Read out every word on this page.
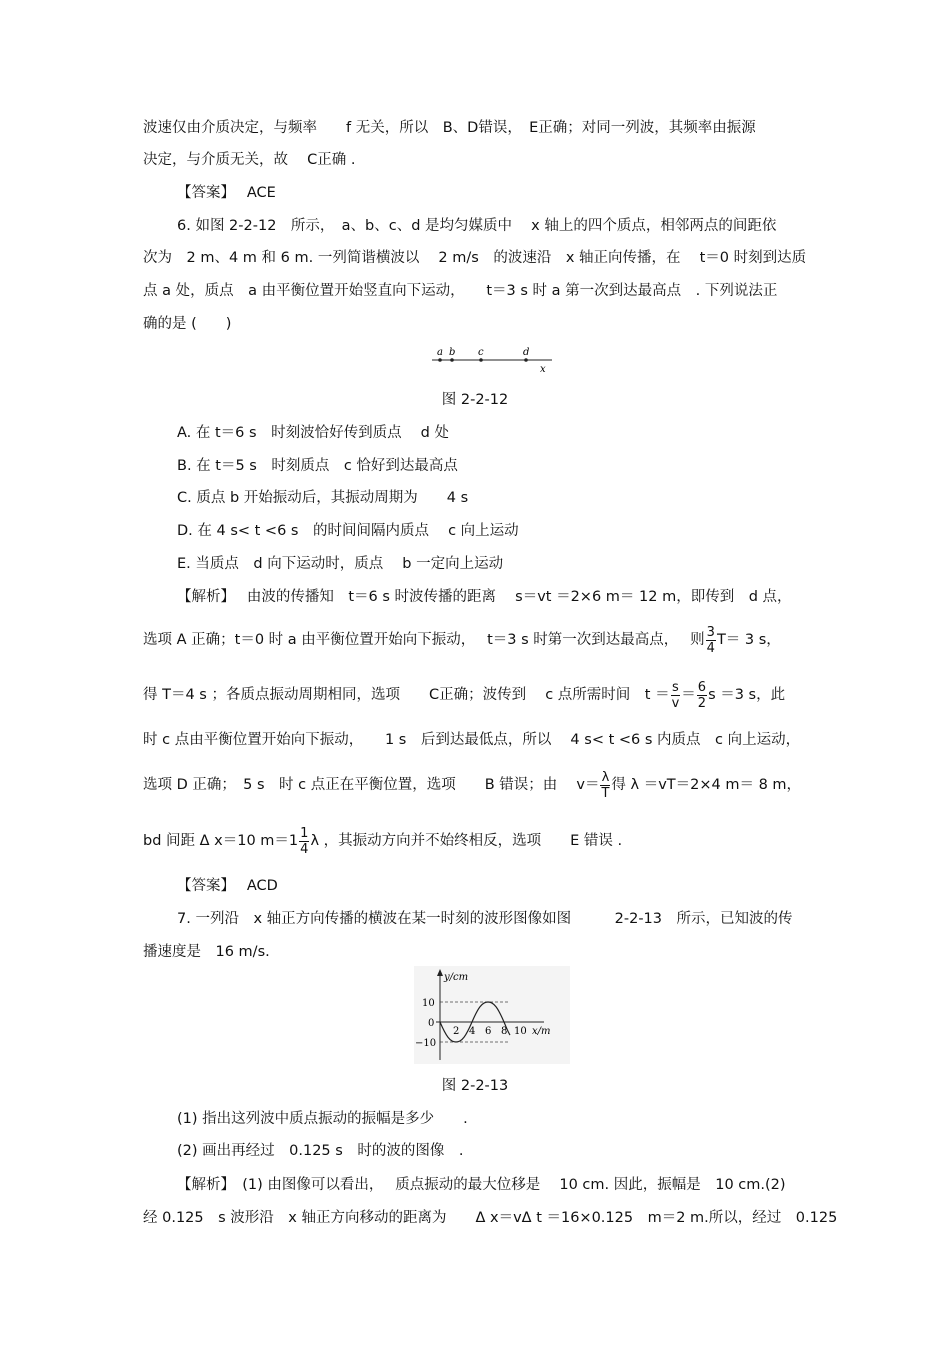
波速仅由介质决定，与频率　　f 无关，所以　B、D错误，　E正确；对同一列波，其频率由振源
决定，与介质无关，故　 C正确 .
【答案】　 ACE
6. 如图 2-2-12　所示，　a、b、c、d 是均匀媒质中　 x 轴上的四个质点，相邻两点的间距依
次为　2 m、4 m 和 6 m. 一列简谐横波以　 2 m/s　的波速沿　x 轴正向传播，在　 t＝0 时刻到达质
点 a 处，质点　a 由平衡位置开始竖直向下运动，　　t＝3 s 时 a 第一次到达最高点　. 下列说法正
确的是 (　　)
a b c	d
x
图 2-2-12
A. 在 t＝6 s　时刻波恰好传到质点　 d 处
B. 在 t＝5 s　时刻质点　c 恰好到达最高点
C. 质点 b 开始振动后，其振动周期为　　4 s
D. 在 4 s< t <6 s　的时间间隔内质点　 c 向上运动
E. 当质点　d 向下运动时，质点　 b 一定向上运动
【解析】　 由波的传播知　t＝6 s 时波传播的距离　 s＝vt ＝2×6 m＝ 12 m，即传到　d 点，
选项 A 正确；t＝0 时 a 由平衡位置开始向下振动，　 t＝3 s 时第一次到达最高点，　 则 $\frac{3}{4} T= 3$ s，
得 T＝4 s ；各质点振动周期相同，选项　　C正确；波传到　 c 点所需时间　$t = \frac{s}{v} = \frac{6}{2}$ s ＝3 s，此
时 c 点由平衡位置开始向下振动，　　1 s　后到达最低点，所以　 4 s< t <6 s 内质点　c 向上运动，
选项 D 正确；　5 s　时 c 点正在平衡位置，选项　　B 错误；由　 $v= \frac{\lambda}{T}$ 得 λ ＝vT＝2×4 m＝ 8 m，
bd 间距 Δ x＝10 $m=1 \frac{1}{4}$ λ ，其振动方向并不始终相反，选项　　E 错误 .
【答案】　 ACD
7. 一列沿　x 轴正方向传播的横波在某一时刻的波形图像如图　　　2-2-13　所示，已知波的传
播速度是　16 m/s.
y/cm
10
0
−10
2 4 6 8 10 x/m
图 2-2-13
(1) 指出这列波中质点振动的振幅是多少　　.
(2) 画出再经过　0.125 s　时的波的图像　.
【解析】　(1) 由图像可以看出，　 质点振动的最大位移是　 10 cm. 因此，振幅是　10 cm.(2)
经 0.125　s 波形沿　x 轴正方向移动的距离为　　Δ x＝vΔ t ＝16×0.125　m＝2 m.所以，经过　0.125
